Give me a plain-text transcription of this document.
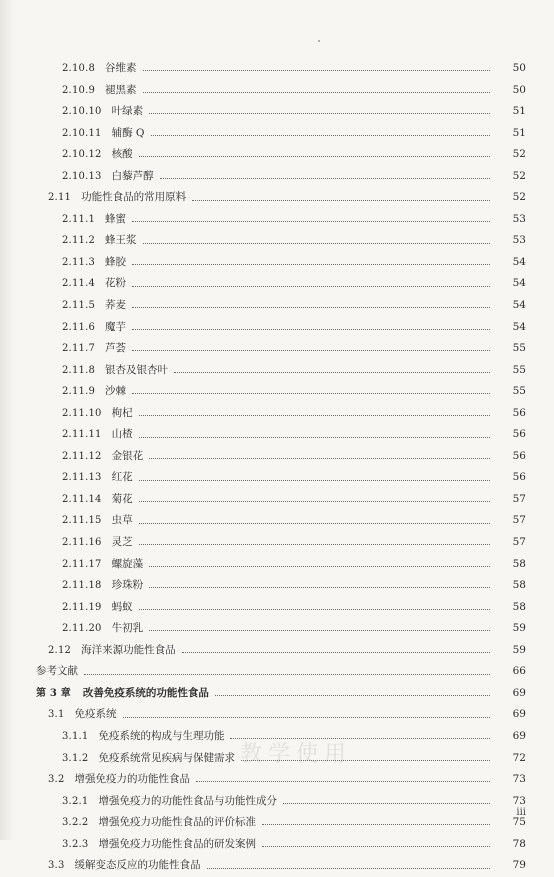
2.10.8 谷维素	50
2.10.9 褪黑素	50
2.10.10 叶绿素	51
2.10.11 辅酶 Q	51
2.10.12 核酸	52
2.10.13 白藜芦醇	52
2.11 功能性食品的常用原料	52
2.11.1 蜂蜜	53
2.11.2 蜂王浆	53
2.11.3 蜂胶	54
2.11.4 花粉	54
2.11.5 荞麦	54
2.11.6 魔芋	54
2.11.7 芦荟	55
2.11.8 银杏及银杏叶	55
2.11.9 沙棘	55
2.11.10 枸杞	56
2.11.11 山楂	56
2.11.12 金银花	56
2.11.13 红花	56
2.11.14 菊花	57
2.11.15 虫草	57
2.11.16 灵芝	57
2.11.17 螺旋藻	58
2.11.18 珍珠粉	58
2.11.19 蚂蚁	58
2.11.20 牛初乳	59
2.12 海洋来源功能性食品	59
参考文献	66
第 3 章 改善免疫系统的功能性食品	69
3.1 免疫系统	69
3.1.1 免疫系统的构成与生理功能	69
3.1.2 免疫系统常见疾病与保健需求	72
3.2 增强免疫力的功能性食品	73
3.2.1 增强免疫力的功能性食品与功能性成分	73
3.2.2 增强免疫力功能性食品的评价标准	75
3.2.3 增强免疫力功能性食品的研发案例	78
3.3 缓解变态反应的功能性食品	79
教学使用
iii
